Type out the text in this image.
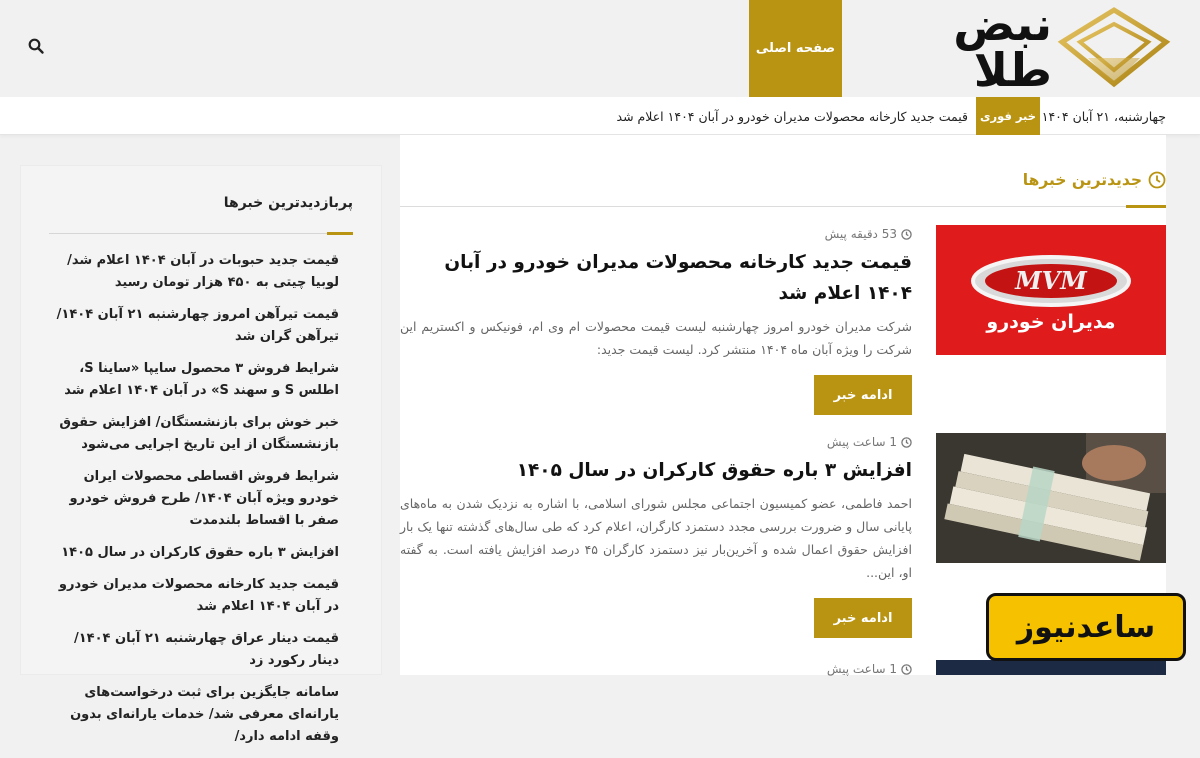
نبض طلا
صفحه اصلی
چهارشنبه، ۲۱ آبان ۱۴۰۴
خبر فوری
قیمت جدید کارخانه محصولات مدیران خودرو در آبان ۱۴۰۴ اعلام شد
جدیدترین خبرها
MVM
مدیران خودرو
53 دقیقه پیش
قیمت جدید کارخانه محصولات مدیران خودرو در آبان ۱۴۰۴ اعلام شد

شرکت مدیران خودرو امروز چهارشنبه لیست قیمت محصولات ام وی ام، فونیکس و اکستریم این شرکت را ویژه آبان ماه ۱۴۰۴ منتشر کرد. لیست قیمت جدید:

ادامه خبر
1 ساعت پیش
افزایش ۳ باره حقوق کارکران در سال ۱۴۰۵

احمد فاطمی، عضو کمیسیون اجتماعی مجلس شورای اسلامی، با اشاره به نزدیک شدن به ماه‌های پایانی سال و ضرورت بررسی مجدد دستمزد کارگران، اعلام کرد که طی سال‌های گذشته تنها یک بار افزایش حقوق اعمال شده و آخرین‌بار نیز دستمزد کارگران ۴۵ درصد افزایش یافته است. به گفته او، این...

ادامه خبر
1 ساعت پیش
پربازدیدترین خبرها
قیمت جدید حبوبات در آبان ۱۴۰۴ اعلام شد/ لوبیا چیتی به ۴۵۰ هزار تومان رسید
قیمت تیرآهن امروز چهارشنبه ۲۱ آبان ۱۴۰۴/ تیرآهن گران شد
شرایط فروش ۳ محصول سایپا «ساینا S، اطلس S و سهند S» در آبان ۱۴۰۴ اعلام شد
خبر خوش برای بازنشستگان/ افزایش حقوق بازنشستگان از این تاریخ اجرایی می‌شود
شرایط فروش اقساطی محصولات ایران خودرو ویژه آبان ۱۴۰۴/ طرح فروش خودرو صفر با اقساط بلندمدت
افزایش ۳ باره حقوق کارکران در سال ۱۴۰۵
قیمت جدید کارخانه محصولات مدیران خودرو در آبان ۱۴۰۴ اعلام شد
قیمت دینار عراق چهارشنبه ۲۱ آبان ۱۴۰۴/ دینار رکورد زد
سامانه جایگزین برای ثبت درخواست‌های یارانه‌ای معرفی شد/ خدمات یارانه‌ای بدون وقفه ادامه دارد/
ساعدنیوز
